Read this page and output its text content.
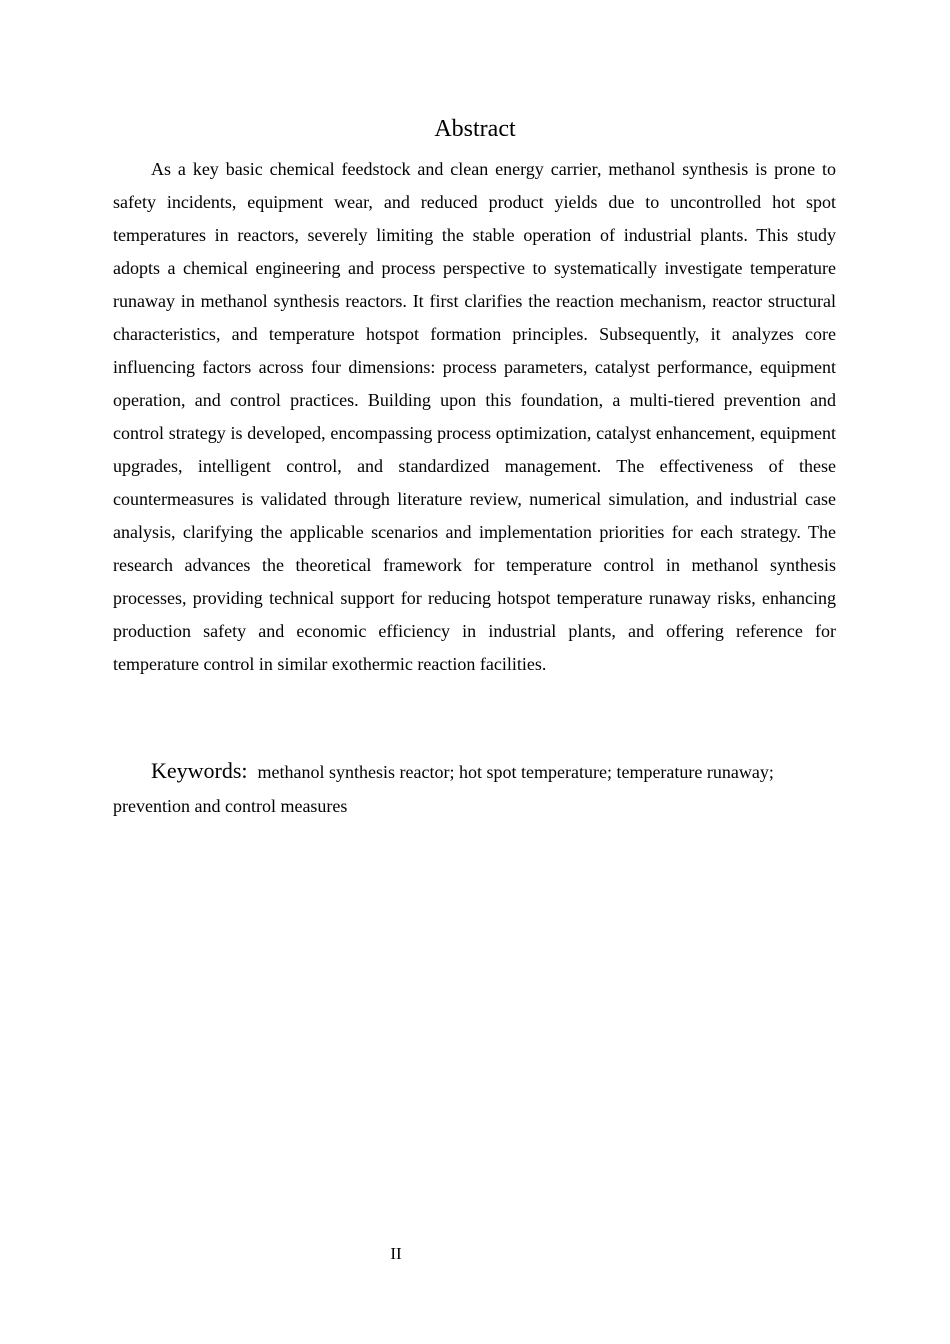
Abstract

As a key basic chemical feedstock and clean energy carrier, methanol synthesis is prone to safety incidents, equipment wear, and reduced product yields due to uncontrolled hot spot temperatures in reactors, severely limiting the stable operation of industrial plants. This study adopts a chemical engineering and process perspective to systematically investigate temperature runaway in methanol synthesis reactors. It first clarifies the reaction mechanism, reactor structural characteristics, and temperature hotspot formation principles. Subsequently, it analyzes core influencing factors across four dimensions: process parameters, catalyst performance, equipment operation, and control practices. Building upon this foundation, a multi-tiered prevention and control strategy is developed, encompassing process optimization, catalyst enhancement, equipment upgrades, intelligent control, and standardized management. The effectiveness of these countermeasures is validated through literature review, numerical simulation, and industrial case analysis, clarifying the applicable scenarios and implementation priorities for each strategy. The research advances the theoretical framework for temperature control in methanol synthesis processes, providing technical support for reducing hotspot temperature runaway risks, enhancing production safety and economic efficiency in industrial plants, and offering reference for temperature control in similar exothermic reaction facilities.

Keywords: methanol synthesis reactor; hot spot temperature; temperature runaway; prevention and control measures

II
